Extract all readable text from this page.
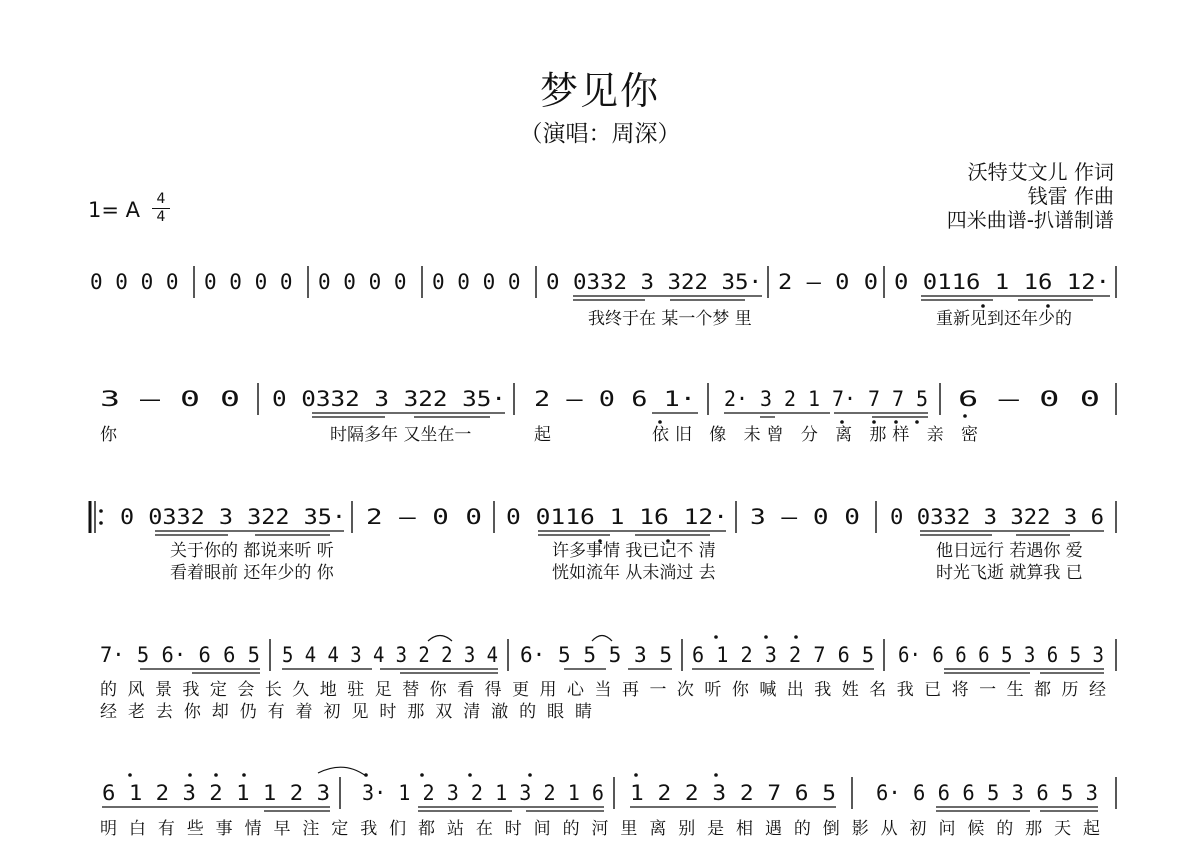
梦见你
（演唱：周深）
沃特艾文儿 作词
钱雷 作曲
四米曲谱-扒谱制谱
1= A	4
4
0 0 0 0 0 0 0 0 0 0 0 0 0 0 0 0 0 0332 3 322 35· 2 — 0 0 0 0116 1 16 12·
我终于在 某一个梦 里	重新见到还年少的
3 — 0 0 0 0332 3 322 35· 2 — 0 6 1· 2· 3 2 1 7· 7 7 5 6 — 0 0
你	时隔多年 又坐在一	起	依旧 像 未曾 分 离 那样 亲 密
0 0332 3 322 35· 2 — 0 0 0 0116 1 16 12· 3 — 0 0 0 0332 3 322 3 6
关于你的 都说来听 听	许多事情 我已记不 清	他日远行 若遇你 爱
看着眼前 还年少的 你	恍如流年 从未淌过 去	时光飞逝 就算我 已
7· 5 6· 6 6 5 5 4 4 3 4 3 2 2 3 4 6· 5 5 5 3 5 6 1 2 3 2 7 6 5 6· 6 6 6 5 3 6 5 3
的 风 景 我 定 会 长 久 地 驻 足 替 你 看 得 更 用 心 当 再 一 次 听 你 喊 出 我 姓 名 我 已 将 一 生 都 历 经
经 老 去 你 却 仍 有 着 初 见 时 那 双 清 澈 的 眼 睛
6 1 2 3 2 1 1 2 3 3· 1 2 3 2 1 3 2 1 6 1 2 2 3 2 7 6 5 6· 6 6 6 5 3 6 5 3
明 白 有 些 事 情 早 注 定 我 们 都 站 在 时 间 的 河 里 离 别 是 相 遇 的 倒 影 从 初 问 候 的 那 天 起
